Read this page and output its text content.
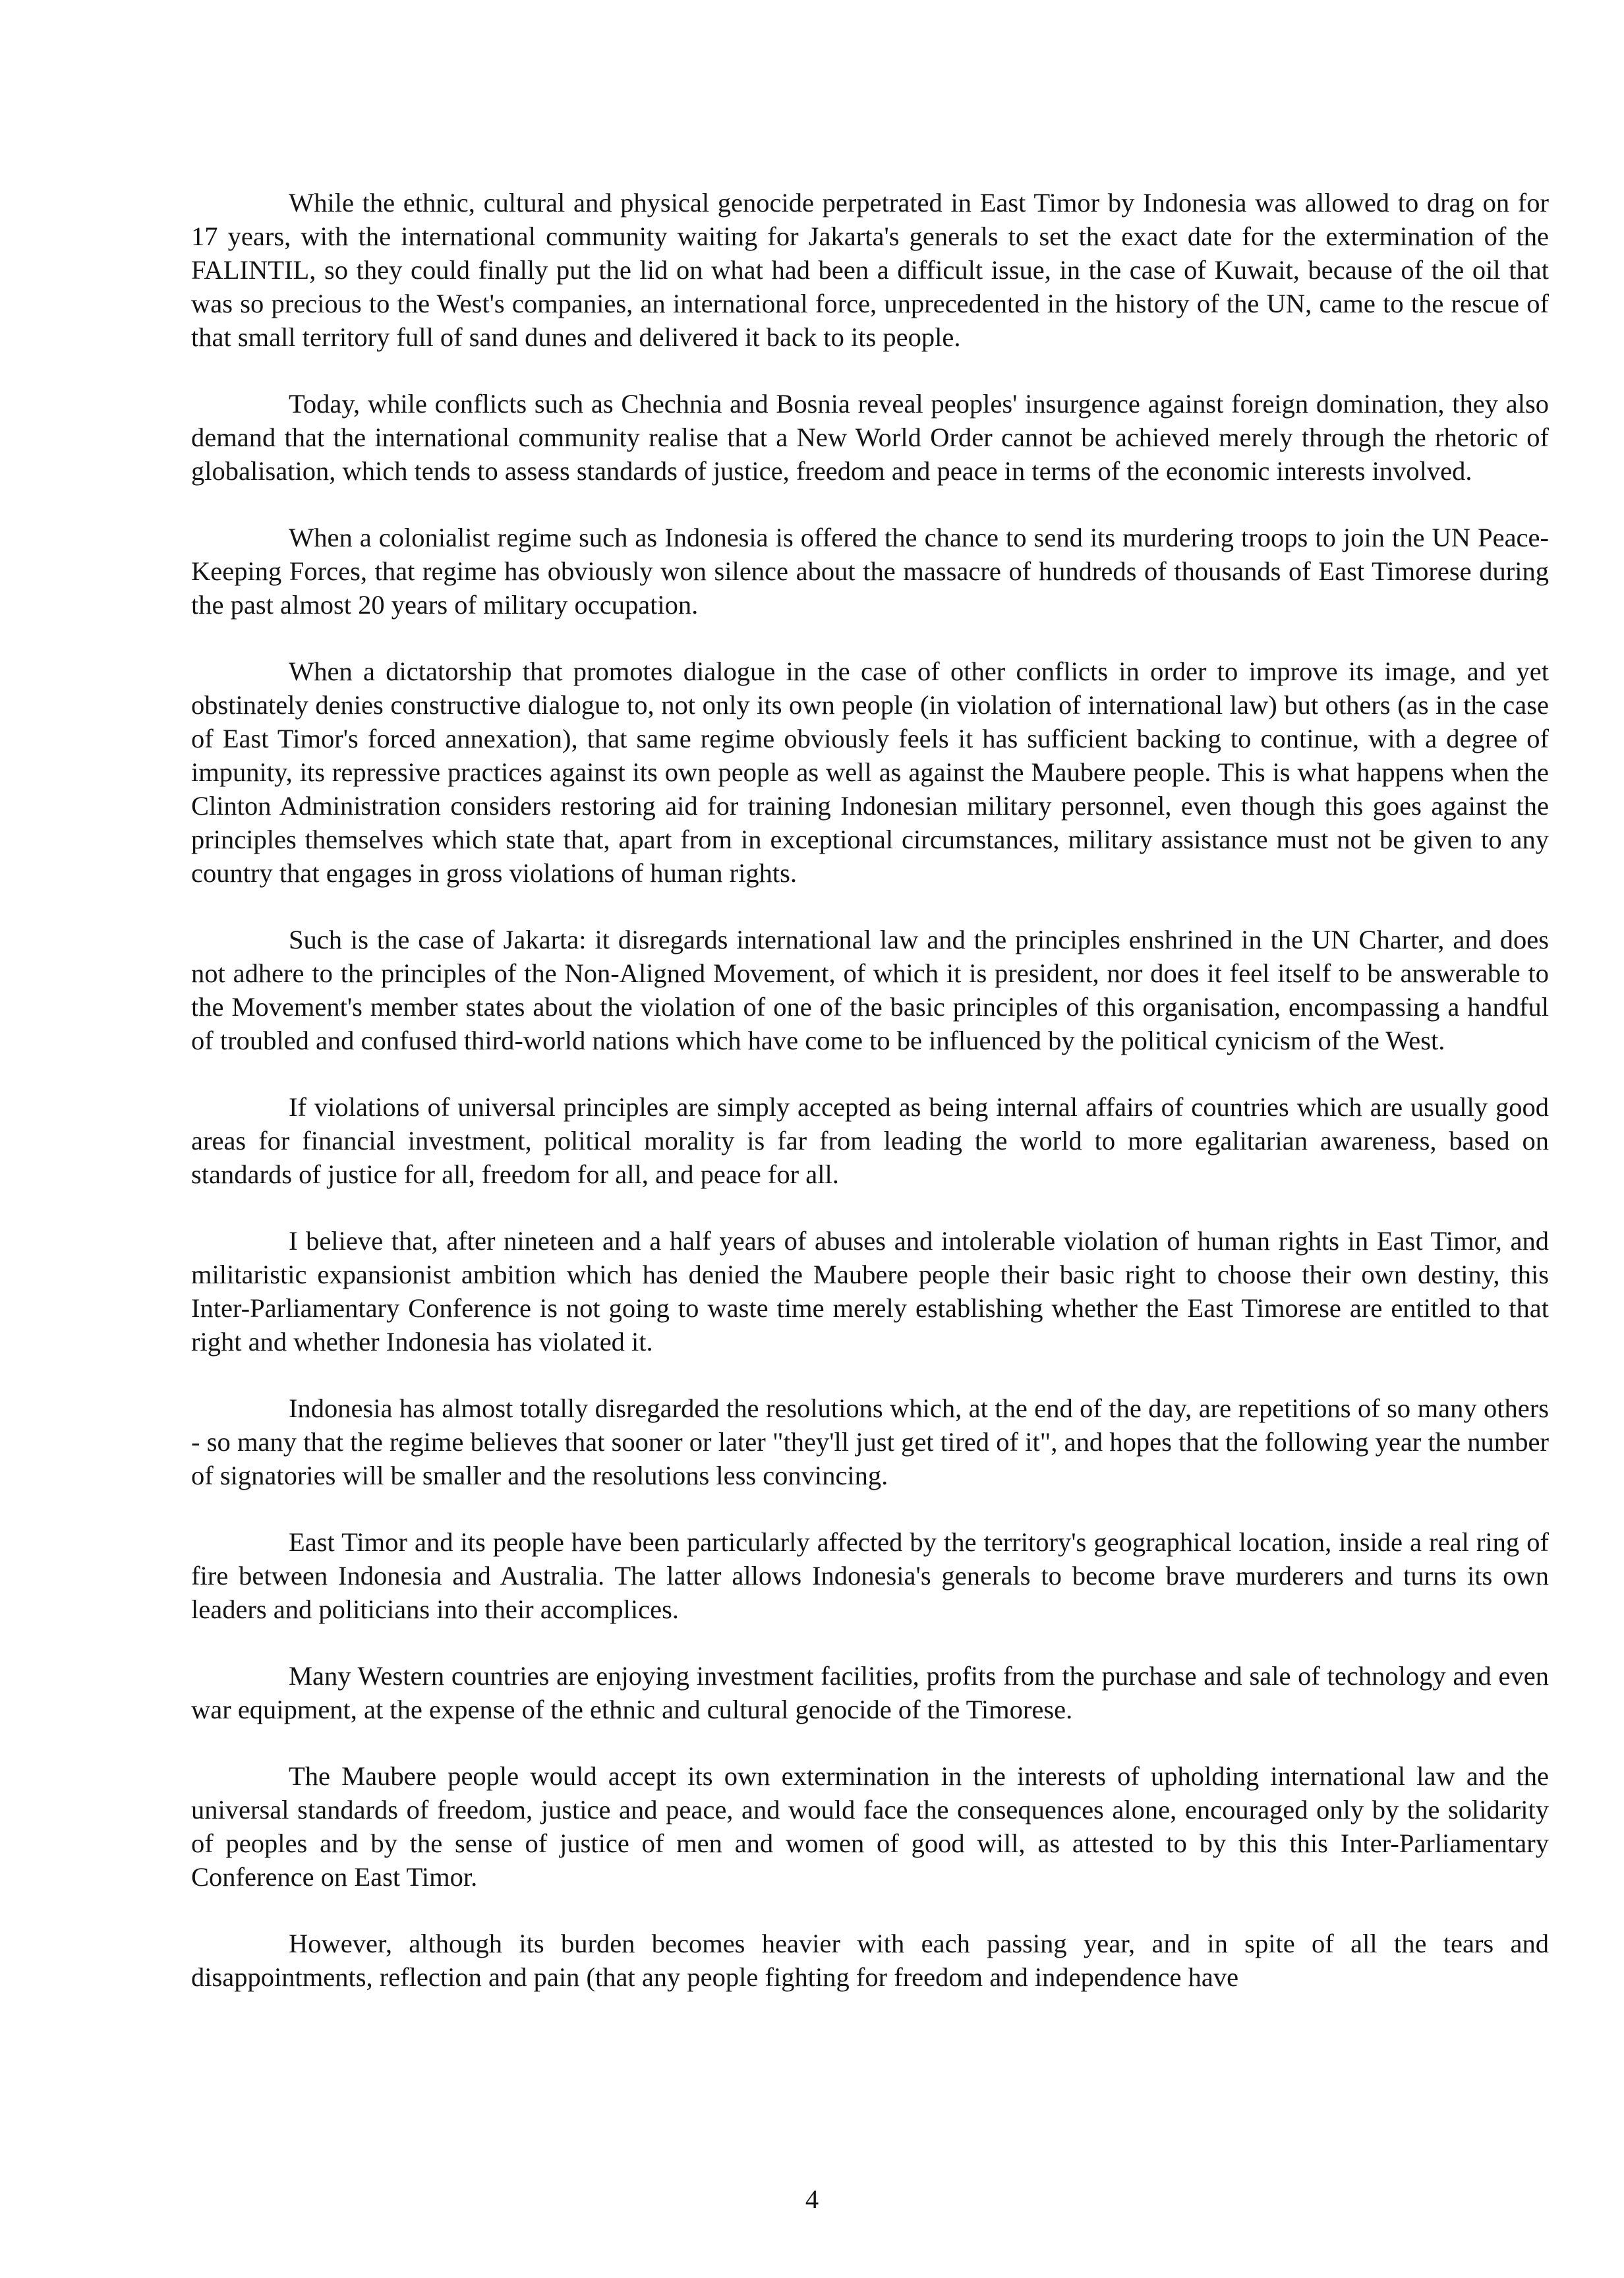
While the ethnic, cultural and physical genocide perpetrated in East Timor by Indonesia was allowed to drag on for 17 years, with the international community waiting for Jakarta's generals to set the exact date for the extermination of the FALINTIL, so they could finally put the lid on what had been a difficult issue, in the case of Kuwait, because of the oil that was so precious to the West's companies, an international force, unprecedented in the history of the UN, came to the rescue of that small territory full of sand dunes and delivered it back to its people.

Today, while conflicts such as Chechnia and Bosnia reveal peoples' insurgence against foreign domination, they also demand that the international community realise that a New World Order cannot be achieved merely through the rhetoric of globalisation, which tends to assess standards of justice, freedom and peace in terms of the economic interests involved.

When a colonialist regime such as Indonesia is offered the chance to send its murdering troops to join the UN Peace-Keeping Forces, that regime has obviously won silence about the massacre of hundreds of thousands of East Timorese during the past almost 20 years of military occupation.

When a dictatorship that promotes dialogue in the case of other conflicts in order to improve its image, and yet obstinately denies constructive dialogue to, not only its own people (in violation of international law) but others (as in the case of East Timor's forced annexation), that same regime obviously feels it has sufficient backing to continue, with a degree of impunity, its repressive practices against its own people as well as against the Maubere people. This is what happens when the Clinton Administration considers restoring aid for training Indonesian military personnel, even though this goes against the principles themselves which state that, apart from in exceptional circumstances, military assistance must not be given to any country that engages in gross violations of human rights.

Such is the case of Jakarta: it disregards international law and the principles enshrined in the UN Charter, and does not adhere to the principles of the Non-Aligned Movement, of which it is president, nor does it feel itself to be answerable to the Movement's member states about the violation of one of the basic principles of this organisation, encompassing a handful of troubled and confused third-world nations which have come to be influenced by the political cynicism of the West.

If violations of universal principles are simply accepted as being internal affairs of countries which are usually good areas for financial investment, political morality is far from leading the world to more egalitarian awareness, based on standards of justice for all, freedom for all, and peace for all.

I believe that, after nineteen and a half years of abuses and intolerable violation of human rights in East Timor, and militaristic expansionist ambition which has denied the Maubere people their basic right to choose their own destiny, this Inter-Parliamentary Conference is not going to waste time merely establishing whether the East Timorese are entitled to that right and whether Indonesia has violated it.

Indonesia has almost totally disregarded the resolutions which, at the end of the day, are repetitions of so many others - so many that the regime believes that sooner or later "they'll just get tired of it", and hopes that the following year the number of signatories will be smaller and the resolutions less convincing.

East Timor and its people have been particularly affected by the territory's geographical location, inside a real ring of fire between Indonesia and Australia. The latter allows Indonesia's generals to become brave murderers and turns its own leaders and politicians into their accomplices.

Many Western countries are enjoying investment facilities, profits from the purchase and sale of technology and even war equipment, at the expense of the ethnic and cultural genocide of the Timorese.

The Maubere people would accept its own extermination in the interests of upholding international law and the universal standards of freedom, justice and peace, and would face the consequences alone, encouraged only by the solidarity of peoples and by the sense of justice of men and women of good will, as attested to by this this Inter-Parliamentary Conference on East Timor.

However, although its burden becomes heavier with each passing year, and in spite of all the tears and disappointments, reflection and pain (that any people fighting for freedom and independence have

4
